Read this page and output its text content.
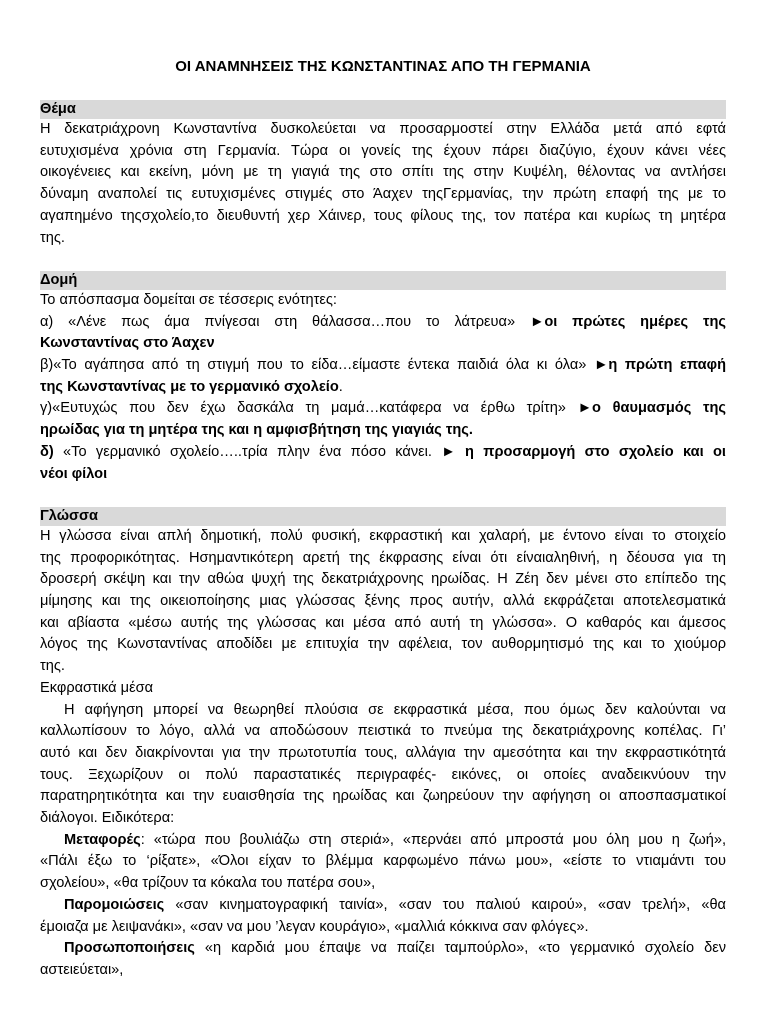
ΟΙ ΑΝΑΜΝΗΣΕΙΣ ΤΗΣ ΚΩΝΣΤΑΝΤΙΝΑΣ ΑΠΟ ΤΗ ΓΕΡΜΑΝΙΑ
Θέμα

Η δεκατριάχρονη Κωνσταντίνα δυσκολεύεται να προσαρμοστεί στην Ελλάδα μετά από εφτά

ευτυχισμένα χρόνια στη Γερμανία. Τώρα οι γονείς της έχουν πάρει διαζύγιο, έχουν κάνει νέες

οικογένειες και εκείνη, μόνη με τη γιαγιά της στο σπίτι της στην Κυψέλη, θέλοντας να αντλήσει

δύναμη αναπολεί τις ευτυχισμένες στιγμές στο Άαχεν τηςΓερμανίας, την πρώτη επαφή της με το

αγαπημένο τηςσχολείο,το διευθυντή χερ Χάινερ, τους φίλους της, τον πατέρα και κυρίως τη μητέρα

της.

Δομή

Το απόσπασμα δομείται σε τέσσερις ενότητες:

α) «Λένε πως άμα πνίγεσαι στη θάλασσα…που το λάτρευα» ►οι πρώτες ημέρες της

Κωνσταντίνας στο Άαχεν

β)«Το αγάπησα από τη στιγμή που το είδα…είμαστε έντεκα παιδιά όλα κι όλα» ►η πρώτη επαφή

της Κωνσταντίνας με το γερμανικό σχολείο.

γ)«Ευτυχώς που δεν έχω δασκάλα τη μαμά…κατάφερα να έρθω τρίτη» ►ο θαυμασμός της

ηρωίδας για τη μητέρα της και η αμφισβήτηση της γιαγιάς της.

δ) «Το γερμανικό σχολείο…..τρία πλην ένα πόσο κάνει. ► η προσαρμογή στο σχολείο και οι

νέοι φίλοι

Γλώσσα

Η γλώσσα είναι απλή δημοτική, πολύ φυσική, εκφραστική και χαλαρή, με έντονο είναι το στοιχείο

της προφορικότητας. Ησημαντικότερη αρετή της έκφρασης είναι ότι είναιαληθινή, η δέουσα για τη

δροσερή σκέψη και την αθώα ψυχή της δεκατριάχρονης ηρωίδας. Η Ζέη δεν μένει στο επίπεδο της

μίμησης και της οικειοποίησης μιας γλώσσας ξένης προς αυτήν, αλλά εκφράζεται αποτελεσματικά

και αβίαστα «μέσω αυτής της γλώσσας και μέσα από αυτή τη γλώσσα». Ο καθαρός και άμεσος

λόγος της Κωνσταντίνας αποδίδει με επιτυχία την αφέλεια, τον αυθορμητισμό της και το χιούμορ

της.

Εκφραστικά μέσα

Η αφήγηση μπορεί να θεωρηθεί πλούσια σε εκφραστικά μέσα, που όμως δεν καλούνται να

καλλωπίσουν το λόγο, αλλά να αποδώσουν πειστικά το πνεύμα της δεκατριάχρονης κοπέλας. Γι’

αυτό και δεν διακρίνονται για την πρωτοτυπία τους, αλλάγια την αμεσότητα και την εκφραστικότητά

τους. Ξεχωρίζουν οι πολύ παραστατικές περιγραφές- εικόνες, οι οποίες αναδεικνύουν την

παρατηρητικότητα και την ευαισθησία της ηρωίδας και ζωηρεύουν την αφήγηση οι αποσπασματικοί

διάλογοι. Ειδικότερα:

Μεταφορές: «τώρα που βουλιάζω στη στεριά», «περνάει από μπροστά μου όλη μου η ζωή»,

«Πάλι έξω το ‘ρίξατε», «Όλοι είχαν το βλέμμα καρφωμένο πάνω μου», «είστε το ντιαμάντι του

σχολείου», «θα τρίζουν τα κόκαλα του πατέρα σου»,

Παρομοιώσεις «σαν κινηματογραφική ταινία», «σαν του παλιού καιρού», «σαν τρελή», «θα

έμοιαζα με λειψανάκι», «σαν να μου ’λεγαν κουράγιο», «μαλλιά κόκκινα σαν φλόγες».

Προσωποποιήσεις «η καρδιά μου έπαψε να παίζει ταμπούρλο», «το γερμανικό σχολείο δεν

αστειεύεται»,
